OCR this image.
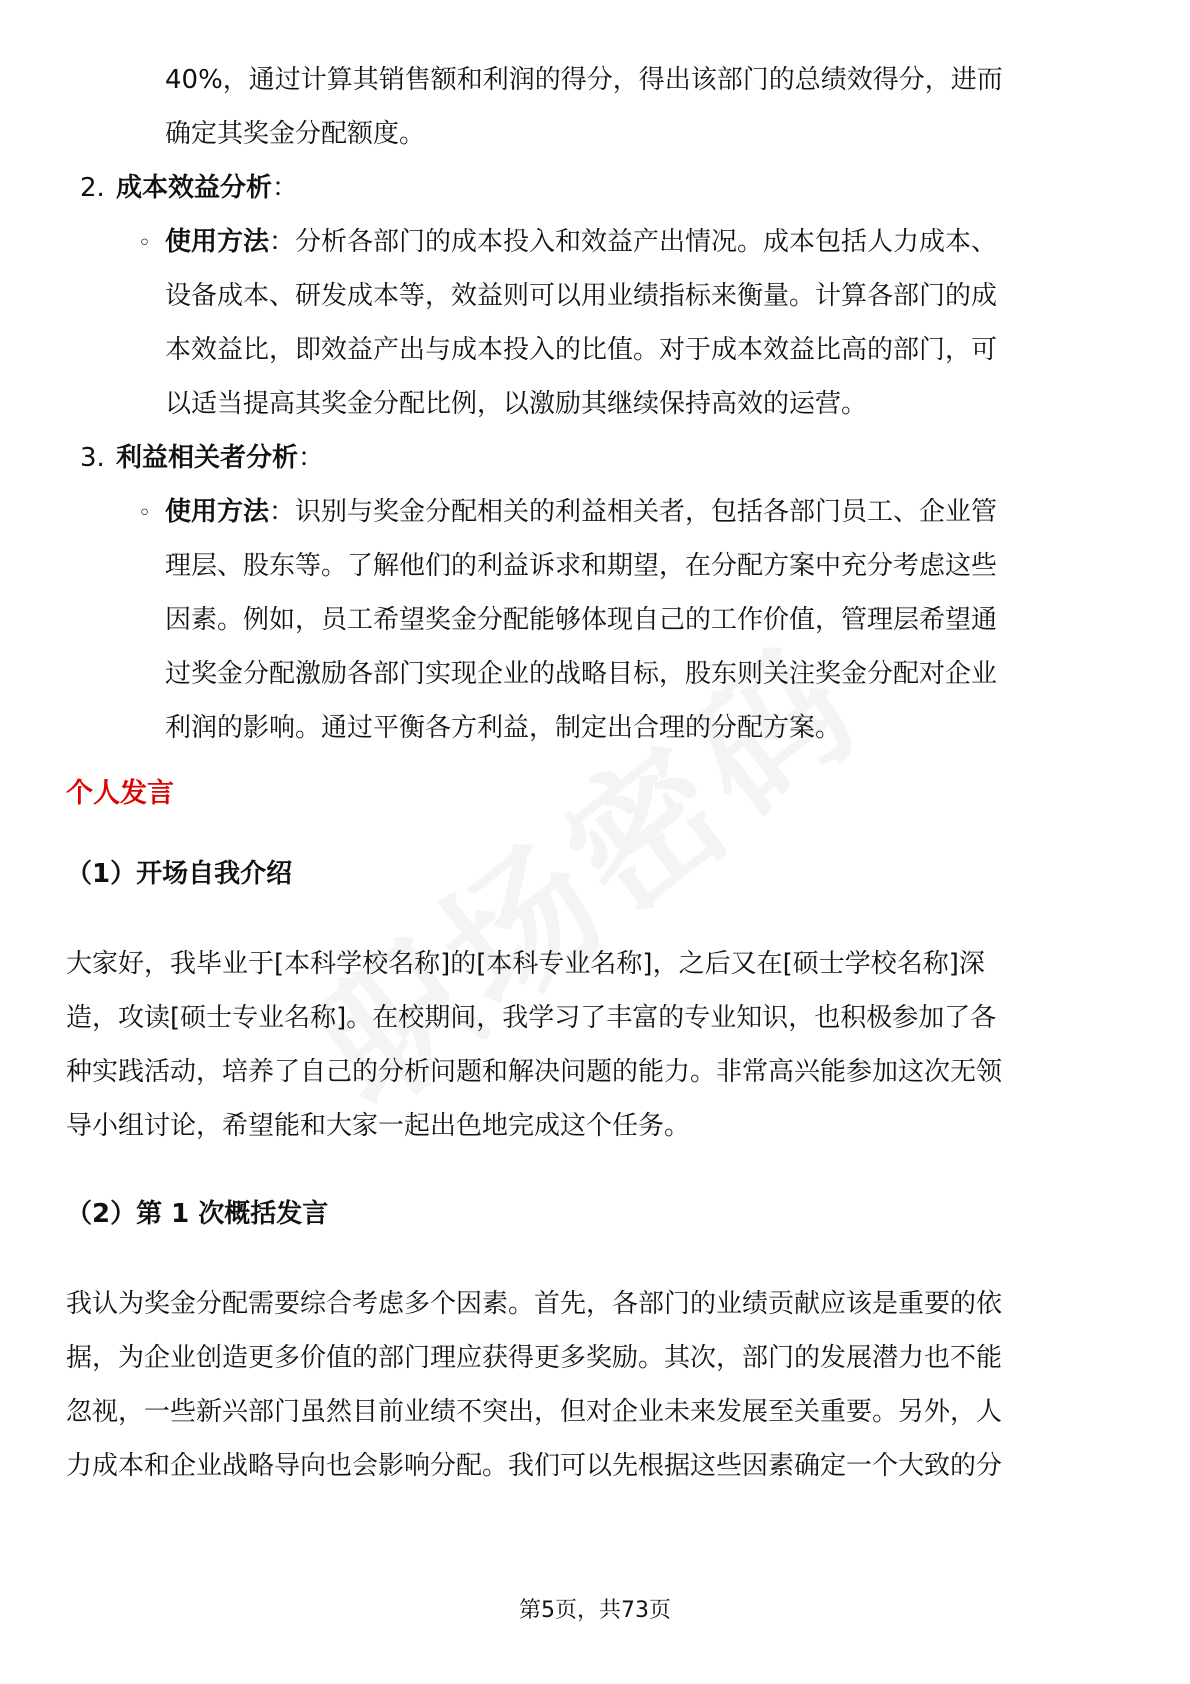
40%，通过计算其销售额和利润的得分，得出该部门的总绩效得分，进而
确定其奖金分配额度。
2. 成本效益分析：
◦ 使用方法：分析各部门的成本投入和效益产出情况。成本包括人力成本、
设备成本、研发成本等，效益则可以用业绩指标来衡量。计算各部门的成
本效益比，即效益产出与成本投入的比值。对于成本效益比高的部门，可
以适当提高其奖金分配比例，以激励其继续保持高效的运营。
3. 利益相关者分析：
◦ 使用方法：识别与奖金分配相关的利益相关者，包括各部门员工、企业管
理层、股东等。了解他们的利益诉求和期望，在分配方案中充分考虑这些
因素。例如，员工希望奖金分配能够体现自己的工作价值，管理层希望通
过奖金分配激励各部门实现企业的战略目标，股东则关注奖金分配对企业
利润的影响。通过平衡各方利益，制定出合理的分配方案。
个人发言
（1）开场自我介绍
大家好，我毕业于[本科学校名称]的[本科专业名称]，之后又在[硕士学校名称]深
造，攻读[硕士专业名称]。在校期间，我学习了丰富的专业知识，也积极参加了各
种实践活动，培养了自己的分析问题和解决问题的能力。非常高兴能参加这次无领
导小组讨论，希望能和大家一起出色地完成这个任务。
（2）第 1 次概括发言
我认为奖金分配需要综合考虑多个因素。首先，各部门的业绩贡献应该是重要的依
据，为企业创造更多价值的部门理应获得更多奖励。其次，部门的发展潜力也不能
忽视，一些新兴部门虽然目前业绩不突出，但对企业未来发展至关重要。另外，人
力成本和企业战略导向也会影响分配。我们可以先根据这些因素确定一个大致的分
第5页，共73页
